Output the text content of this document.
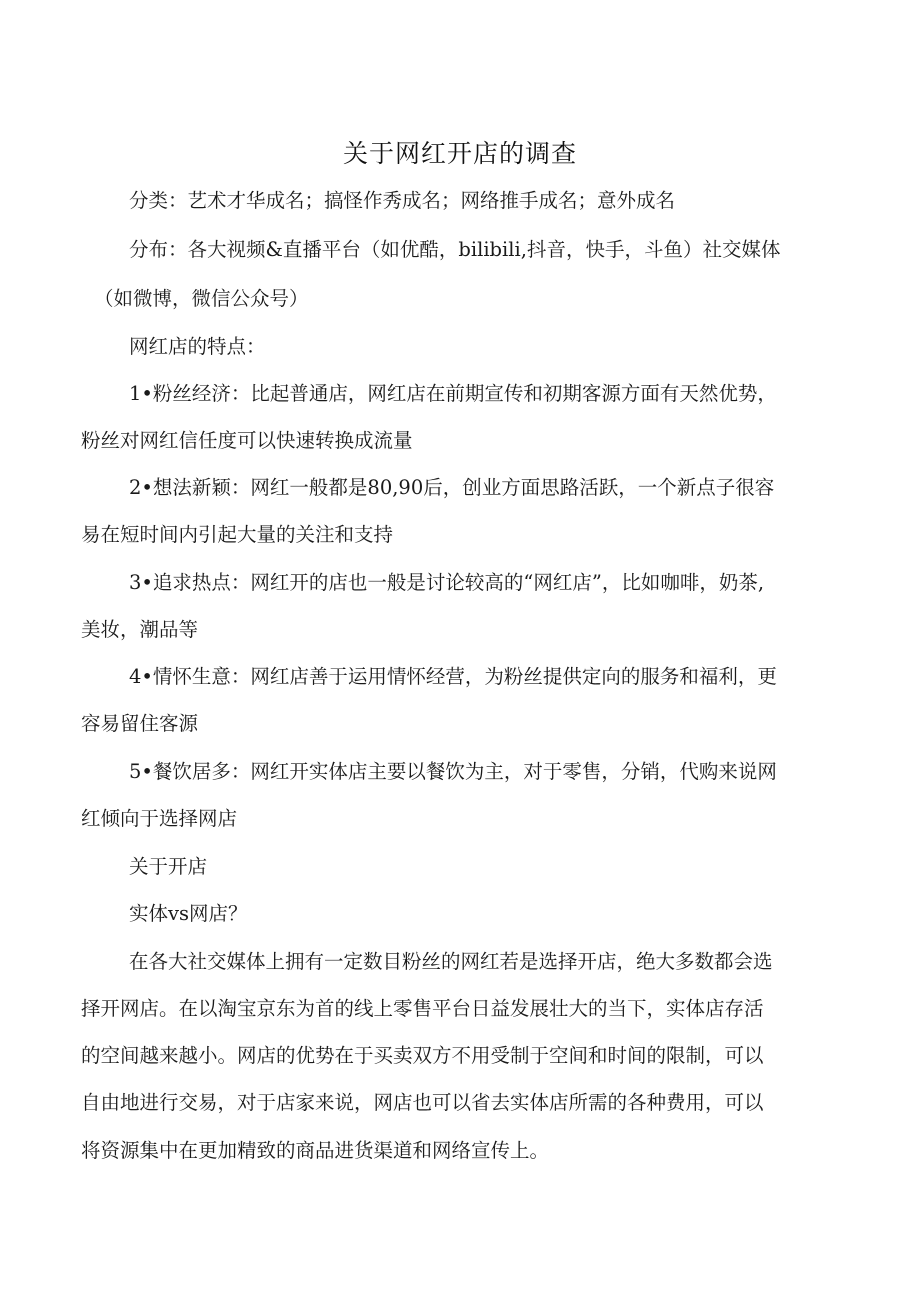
关于网红开店的调查
分类：艺术才华成名；搞怪作秀成名；网络推手成名；意外成名
分布：各大视频&直播平台（如优酷，bilibili,抖音，快手，斗鱼）社交媒体
（如微博，微信公众号）
网红店的特点：
1•粉丝经济：比起普通店，网红店在前期宣传和初期客源方面有天然优势，
粉丝对网红信任度可以快速转换成流量
2•想法新颖：网红一般都是80,90后，创业方面思路活跃，一个新点子很容
易在短时间内引起大量的关注和支持
3•追求热点：网红开的店也一般是讨论较高的“网红店”，比如咖啡，奶茶,
美妆，潮品等
4•情怀生意：网红店善于运用情怀经营，为粉丝提供定向的服务和福利，更
容易留住客源
5•餐饮居多：网红开实体店主要以餐饮为主，对于零售，分销，代购来说网
红倾向于选择网店
关于开店
实体vs网店？
在各大社交媒体上拥有一定数目粉丝的网红若是选择开店，绝大多数都会选
择开网店。在以淘宝京东为首的线上零售平台日益发展壮大的当下，实体店存活
的空间越来越小。网店的优势在于买卖双方不用受制于空间和时间的限制，可以
自由地进行交易，对于店家来说，网店也可以省去实体店所需的各种费用，可以
将资源集中在更加精致的商品进货渠道和网络宣传上。
